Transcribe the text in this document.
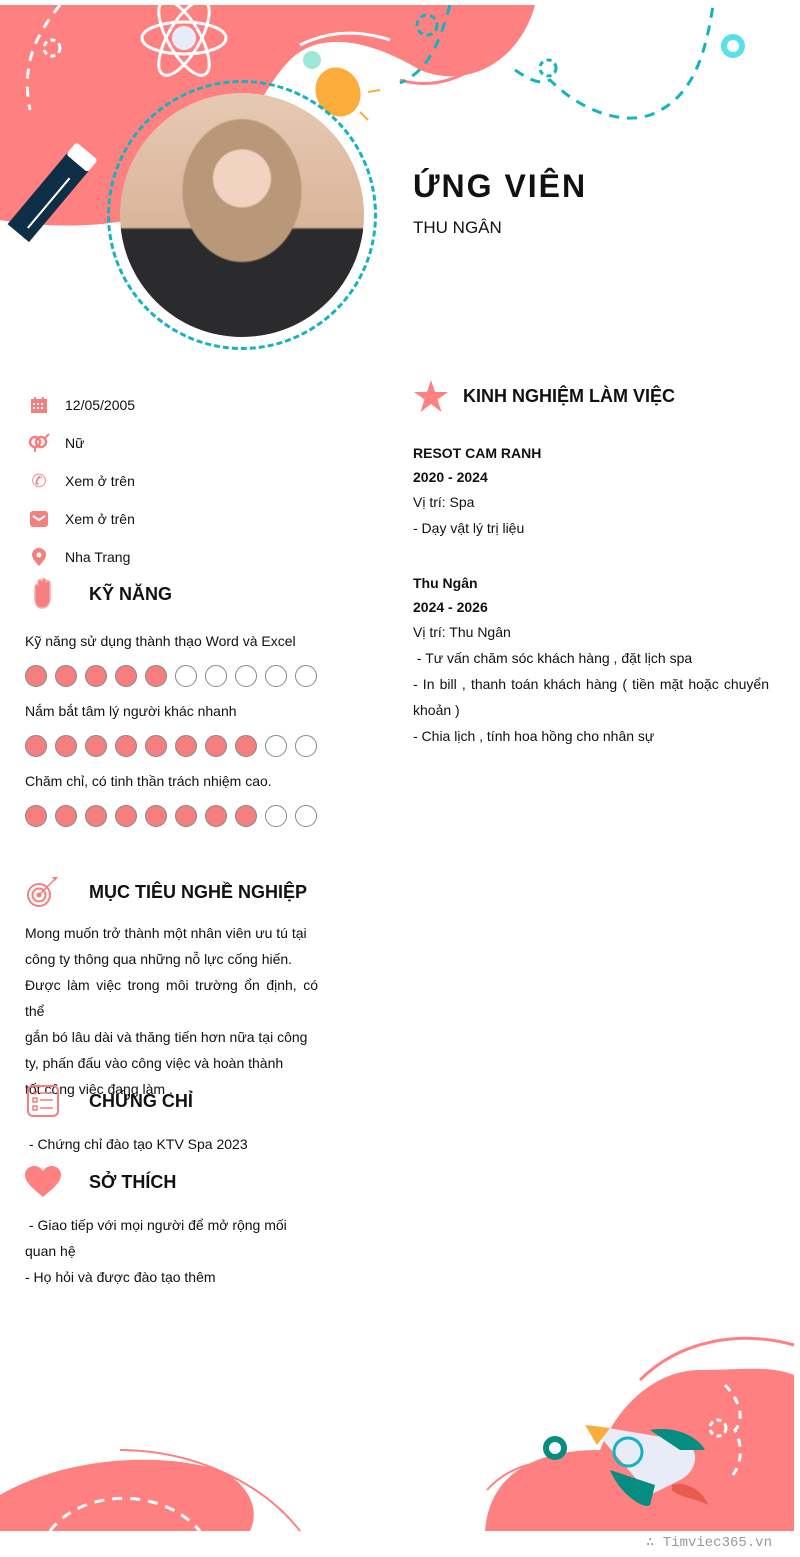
ỨNG VIÊN
THU NGÂN
12/05/2005
Nữ
✆ Xem ở trên
Xem ở trên
Nha Trang
KỸ NĂNG
Kỹ năng sử dụng thành thạo Word và Excel
Nắm bắt tâm lý người khác nhanh
Chăm chỉ, có tinh thần trách nhiệm cao.
MỤC TIÊU NGHỀ NGHIỆP
Mong muốn trở thành một nhân viên ưu tú tại
công ty thông qua những nỗ lực cống hiến.
Được làm việc trong môi trường ổn định, có thể
gắn bó lâu dài và thăng tiến hơn nữa tại công
ty, phấn đấu vào công việc và hoàn thành
tốt công việc đang làm .
CHỨNG CHỈ
- Chứng chỉ đào tạo KTV Spa 2023
SỞ THÍCH
- Giao tiếp với mọi người để mở rộng mối quan hệ
- Họ hỏi và được đào tạo thêm
KINH NGHIỆM LÀM VIỆC
RESOT CAM RANH
2020 - 2024
Vị trí: Spa
- Dạy vật lý trị liệu
Thu Ngân
2024 - 2026
Vị trí: Thu Ngân
- Tư vấn chăm sóc khách hàng , đặt lịch spa
- In bill , thanh toán khách hàng ( tiền mặt hoặc chuyển khoản )
- Chia lịch , tính hoa hồng cho nhân sự
∴ Timviec365.vn
